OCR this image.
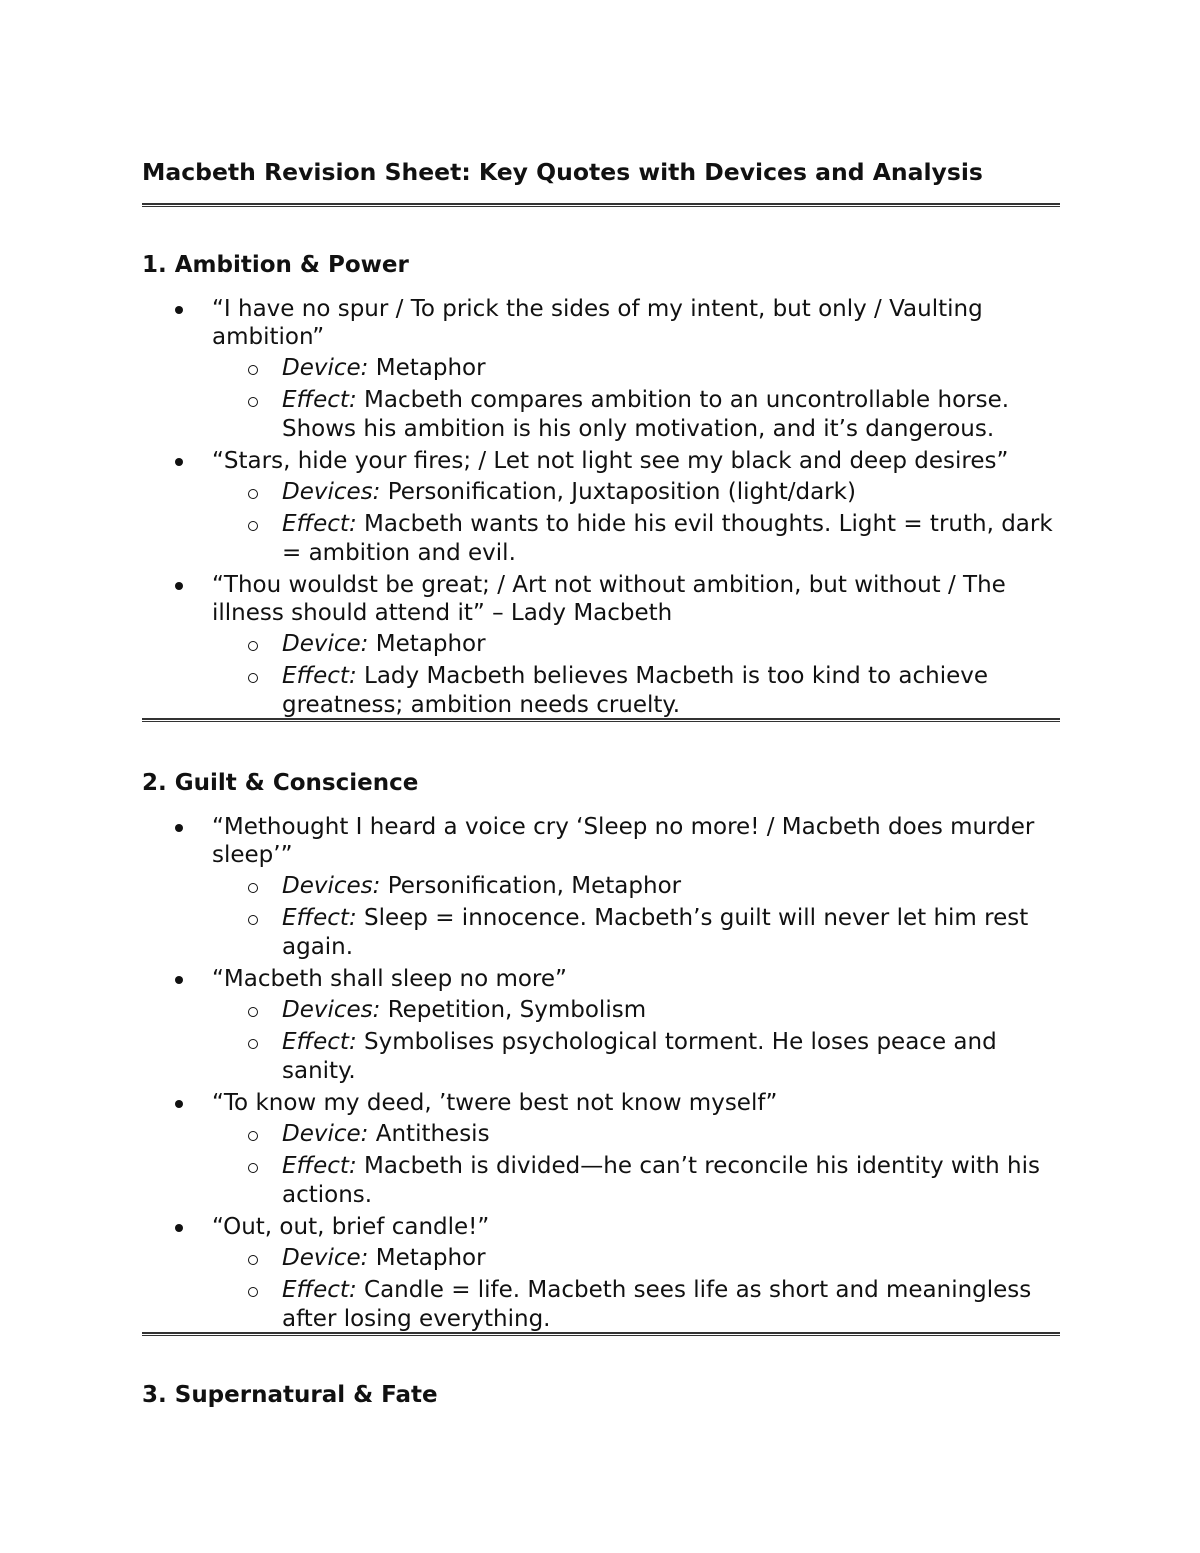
Macbeth Revision Sheet: Key Quotes with Devices and Analysis
1. Ambition & Power
“I have no spur / To prick the sides of my intent, but only / Vaulting ambition”
Device: Metaphor
Effect: Macbeth compares ambition to an uncontrollable horse. Shows his ambition is his only motivation, and it’s dangerous.
“Stars, hide your fires; / Let not light see my black and deep desires”
Devices: Personification, Juxtaposition (light/dark)
Effect: Macbeth wants to hide his evil thoughts. Light = truth, dark = ambition and evil.
“Thou wouldst be great; / Art not without ambition, but without / The illness should attend it” – Lady Macbeth
Device: Metaphor
Effect: Lady Macbeth believes Macbeth is too kind to achieve greatness; ambition needs cruelty.
2. Guilt & Conscience
“Methought I heard a voice cry ‘Sleep no more! / Macbeth does murder sleep’”
Devices: Personification, Metaphor
Effect: Sleep = innocence. Macbeth’s guilt will never let him rest again.
“Macbeth shall sleep no more”
Devices: Repetition, Symbolism
Effect: Symbolises psychological torment. He loses peace and sanity.
“To know my deed, ’twere best not know myself”
Device: Antithesis
Effect: Macbeth is divided—he can’t reconcile his identity with his actions.
“Out, out, brief candle!”
Device: Metaphor
Effect: Candle = life. Macbeth sees life as short and meaningless after losing everything.
3. Supernatural & Fate
